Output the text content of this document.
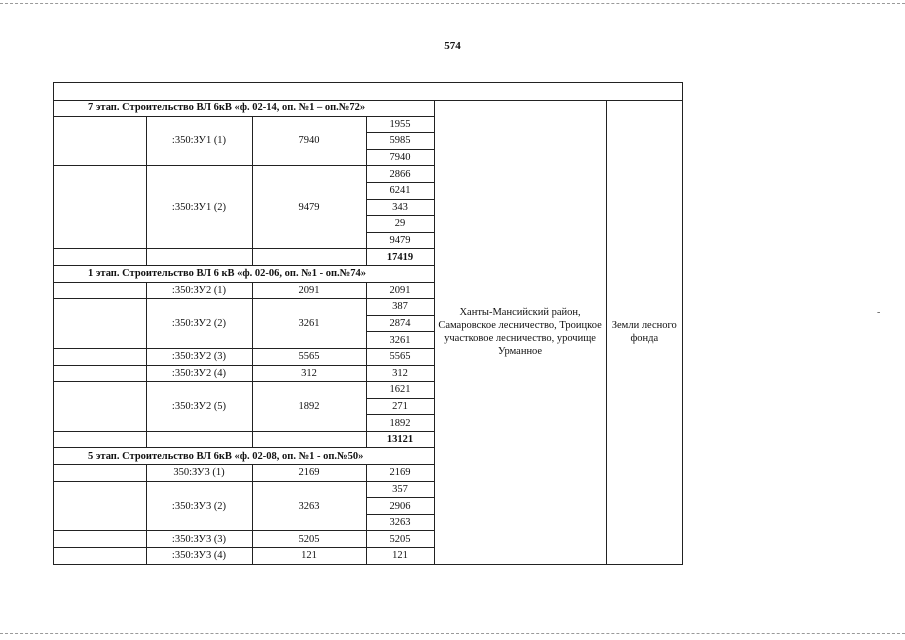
574
-
7 этап. Строительство ВЛ 6кВ «ф. 02-14, оп. №1 – оп.№72»				Ханты-Мансийский район, Самаровское лесничество, Троицкое участковое лесничество, урочище Урманное	Земли лесного фонда
	:350:ЗУ1 (1)	7940	1955		
			5985		
			7940		
	:350:ЗУ1 (2)	9479	2866		
			6241		
			343		
			29		
			9479		
			17419		
1 этап. Строительство ВЛ 6 кВ «ф. 02-06, оп. №1 - оп.№74»					
	:350:ЗУ2 (1)	2091	2091		
	:350:ЗУ2 (2)	3261	387		
			2874		
			3261		
	:350:ЗУ2 (3)	5565	5565		
	:350:ЗУ2 (4)	312	312		
	:350:ЗУ2 (5)	1892	1621		
			271		
			1892		
			13121		
5 этап. Строительство ВЛ 6кВ «ф. 02-08, оп. №1 - оп.№50»					
	350:ЗУ3 (1)	2169	2169		
	:350:ЗУ3 (2)	3263	357		
			2906		
			3263		
	:350:ЗУ3 (3)	5205	5205		
	:350:ЗУ3 (4)	121	121		
